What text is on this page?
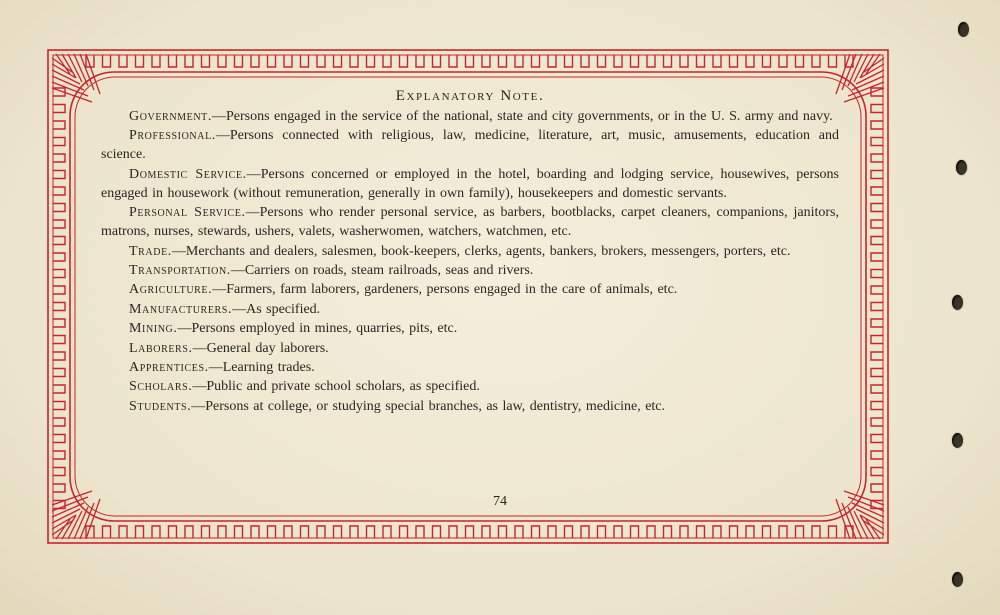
Explanatory Note.

Government.—Persons engaged in the service of the national, state and city governments, or in the U. S. army and navy.

Professional.—Persons connected with religious, law, medicine, literature, art, music, amusements, education and science.

Domestic Service.—Persons concerned or employed in the hotel, boarding and lodging service, housewives, persons engaged in housework (without remuneration, generally in own family), housekeepers and domestic servants.

Personal Service.—Persons who render personal service, as barbers, bootblacks, carpet cleaners, companions, janitors, matrons, nurses, stewards, ushers, valets, washerwomen, watchers, watchmen, etc.

Trade.—Merchants and dealers, salesmen, book-keepers, clerks, agents, bankers, brokers, messengers, porters, etc.

Transportation.—Carriers on roads, steam railroads, seas and rivers.

Agriculture.—Farmers, farm laborers, gardeners, persons engaged in the care of animals, etc.

Manufacturers.—As specified.

Mining.—Persons employed in mines, quarries, pits, etc.

Laborers.—General day laborers.

Apprentices.—Learning trades.

Scholars.—Public and private school scholars, as specified.

Students.—Persons at college, or studying special branches, as law, dentistry, medicine, etc.

74
